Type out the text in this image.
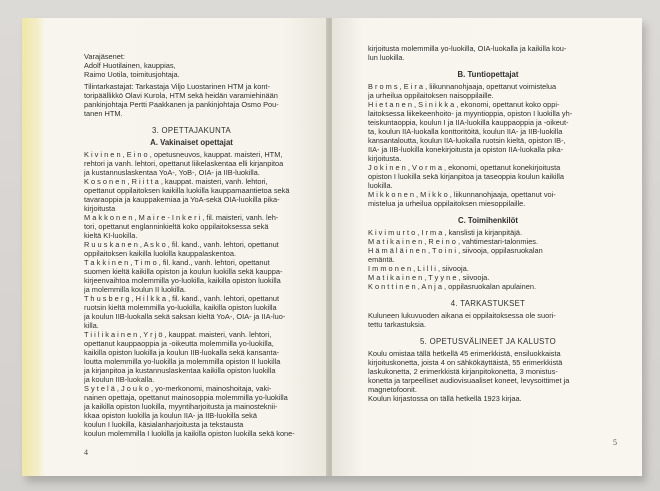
Varajäsenet:
Adolf Huotilainen, kauppias,
Raimo Uotila, toimitusjohtaja.
Tilintarkastajat: Tarkastaja Viljo Luostarinen HTM ja kont-
toripäällikkö Olavi Kurola, HTM sekä heidän varamiehinään
pankinjohtaja Pertti Paakkanen ja pankinjohtaja Osmo Pou-
tanen HTM.
3. OPETTAJAKUNTA
A. Vakinaiset opettajat
K i v i n e n , E i n o , opetusneuvos, kauppat. maisteri, HTM,
rehtori ja vanh. lehtori, opettanut liikelaskentaa elli kirjanpitoa
ja kustannuslaskentaa YoA-, YoB-, OIA- ja IIB-luokilla.
K o s o n e n , R i i t t a , kauppat. maisteri, vanh. lehtori,
opettanut oppilaitoksen kaikilla luokilla kauppamaantietoa sekä
tavaraoppia ja kauppakemiaa ja YoA-sekä OIA-luokilla pika-
kirjoitusta
M a k k o n e n , M a i r e - I n k e r i , fil. maisteri, vanh. leh-
tori, opettanut englanninkieltä koko oppilaitoksessa sekä
kieltä KI-luokilla.
R u u s k a n e n , A s k o , fil. kand., vanh. lehtori, opettanut
oppilaitoksen kaikilla luokilla kauppalaskentoa.
T a k k i n e n , T i m o , fil. kand., vanh. lehtori, opettanut
suomen kieltä kaikilla opiston ja koulun luokilla sekä kauppa-
kirjeenvaihtoa molemmilla yo-luokilla, kaikilla opiston luokilla
ja molemmilla koulun II luokilla.
T h u s b e r g , H i l k k a , fil. kand., vanh. lehtori, opettanut
ruotsin kieltä molemmilla yo-luokilla, kaikilla opiston luokilla
ja koulun IIB-luokalla sekä saksan kieltä YoA-, OIA- ja IIA-luo-
killa.
T i i l i k a i n e n , Y r j ö , kauppat. maisteri, vanh. lehtori,
opettanut kauppaoppia ja -oikeutta molemmilla yo-luokilla,
kaikilla opiston luokilla ja koulun IIB-luokalla sekä kansanta-
loutta molemmilla yo-luokilla ja molemmilla opiston II luokilla
ja kirjanpitoa ja kustannuslaskentaa kaikilla opiston luokilla
ja koulun IIB-luokalla.
S y t e l ä , J o u k o , yo-merkonomi, mainoshoitaja, vaki-
nainen opettaja, opettanut mainosoppia molemmilla yo-luokilla
ja kaikilla opiston luokilla, myyntiharjoitusta ja mainosteknii-
kkaa opiston luokilla ja koulun IIA- ja IIB-luokilla sekä
koulun I luokilla, käsialanharjoitusta ja tekstausta
koulun molemmilla I luokilla ja kaikilla opiston luokilla sekä kone-
4
kirjoitusta molemmilla yo-luokilla, OIA-luokalla ja kaikilla kou-
lun luokilla.
B. Tuntiopettajat
B r o m s , E i r a , liikunnanohjaaja, opettanut voimistelua
ja urheilua oppilaitoksen naisoppilaille.
H i e t a n e n , S i n i k k a , ekonomi, opettanut koko oppi-
laitoksessa liikekeenhoito- ja myyntioppia, opiston I luokilla yh-
teiskuntaoppia, koulun I ja IIA-luokilla kauppaoppia ja -oikeut-
ta, koulun IIA-luokalla konttoritöitä, koulun IIA- ja IIB-luokilla
kansantaloutta, koulun IIA-luokalla ruotsin kieltä, opiston IB-,
IIA- ja IIB-luokilla konekirjoitusta ja opiston IIA-luokalla pika-
kirjoitusta.
J o k i n e n , V o r m a , ekonomi, opettanut konekirjoitusta
opiston I luokilla sekä kirjanpitoa ja taseoppia koulun kaikilla
luokilla.
M i k k o n e n , M i k k o , liikunnanohjaaja, opettanut voi-
mistelua ja urheilua oppilaitoksen miesoppilaille.
C. Toimihenkilöt
K i v i m u r t o , I r m a , kanslisti ja kirjanpitäjä.
M a t i k a i n e n , R e i n o , vahtimestari-talonmies.
H ä m ä l ä i n e n , T o i n i , siivooja, oppilasruokalan
emäntä.
I m m o n e n , L i l l i , siivooja.
M a t i k a i n e n , T y y n e , siivooja.
K o n t t i n e n , A n j a , oppilasruokalan apulainen.
4. TARKASTUKSET
Kuluneen lukuvuoden aikana ei oppilaitoksessa ole suori-
tettu tarkastuksia.
5. OPETUSVÄLINEET JA KALUSTO
Koulu omistaa tällä hetkellä 45 erimerkkistä, ensiluokkaista
kirjoituskonetta, joista 4 on sähkökäyttäistä, 55 erimerkkistä
laskukonetta, 2 erimerkkistä kirjanpitokonetta, 3 monistus-
konetta ja tarpeelliset audiovisuaaliset koneet, levysoittimet ja
magnetofoonit.
Koulun kirjastossa on tällä hetkellä 1923 kirjaa.
5
